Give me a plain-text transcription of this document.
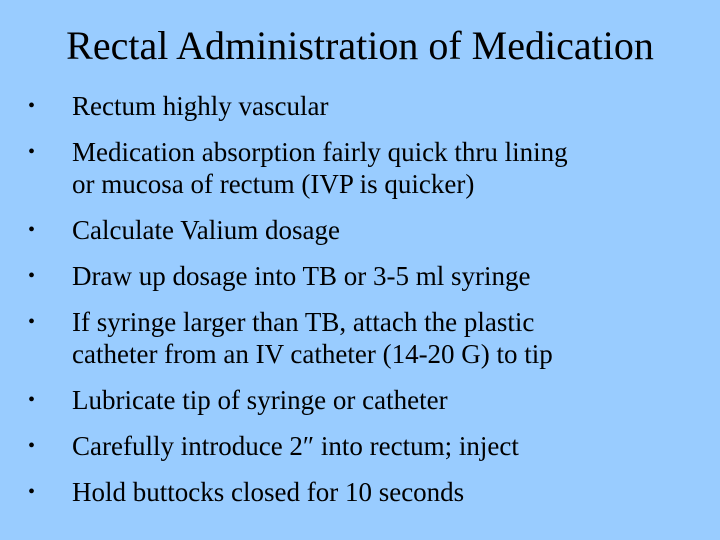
Rectal Administration of Medication
•	Rectum highly vascular
•	Medication absorption fairly quick thru lining
or mucosa of rectum (IVP is quicker)
•	Calculate Valium dosage
•	Draw up dosage into TB or 3-5 ml syringe
•	If syringe larger than TB, attach the plastic
catheter from an IV catheter (14-20 G) to tip
•	Lubricate tip of syringe or catheter
•	Carefully introduce 2″ into rectum; inject
•	Hold buttocks closed for 10 seconds
